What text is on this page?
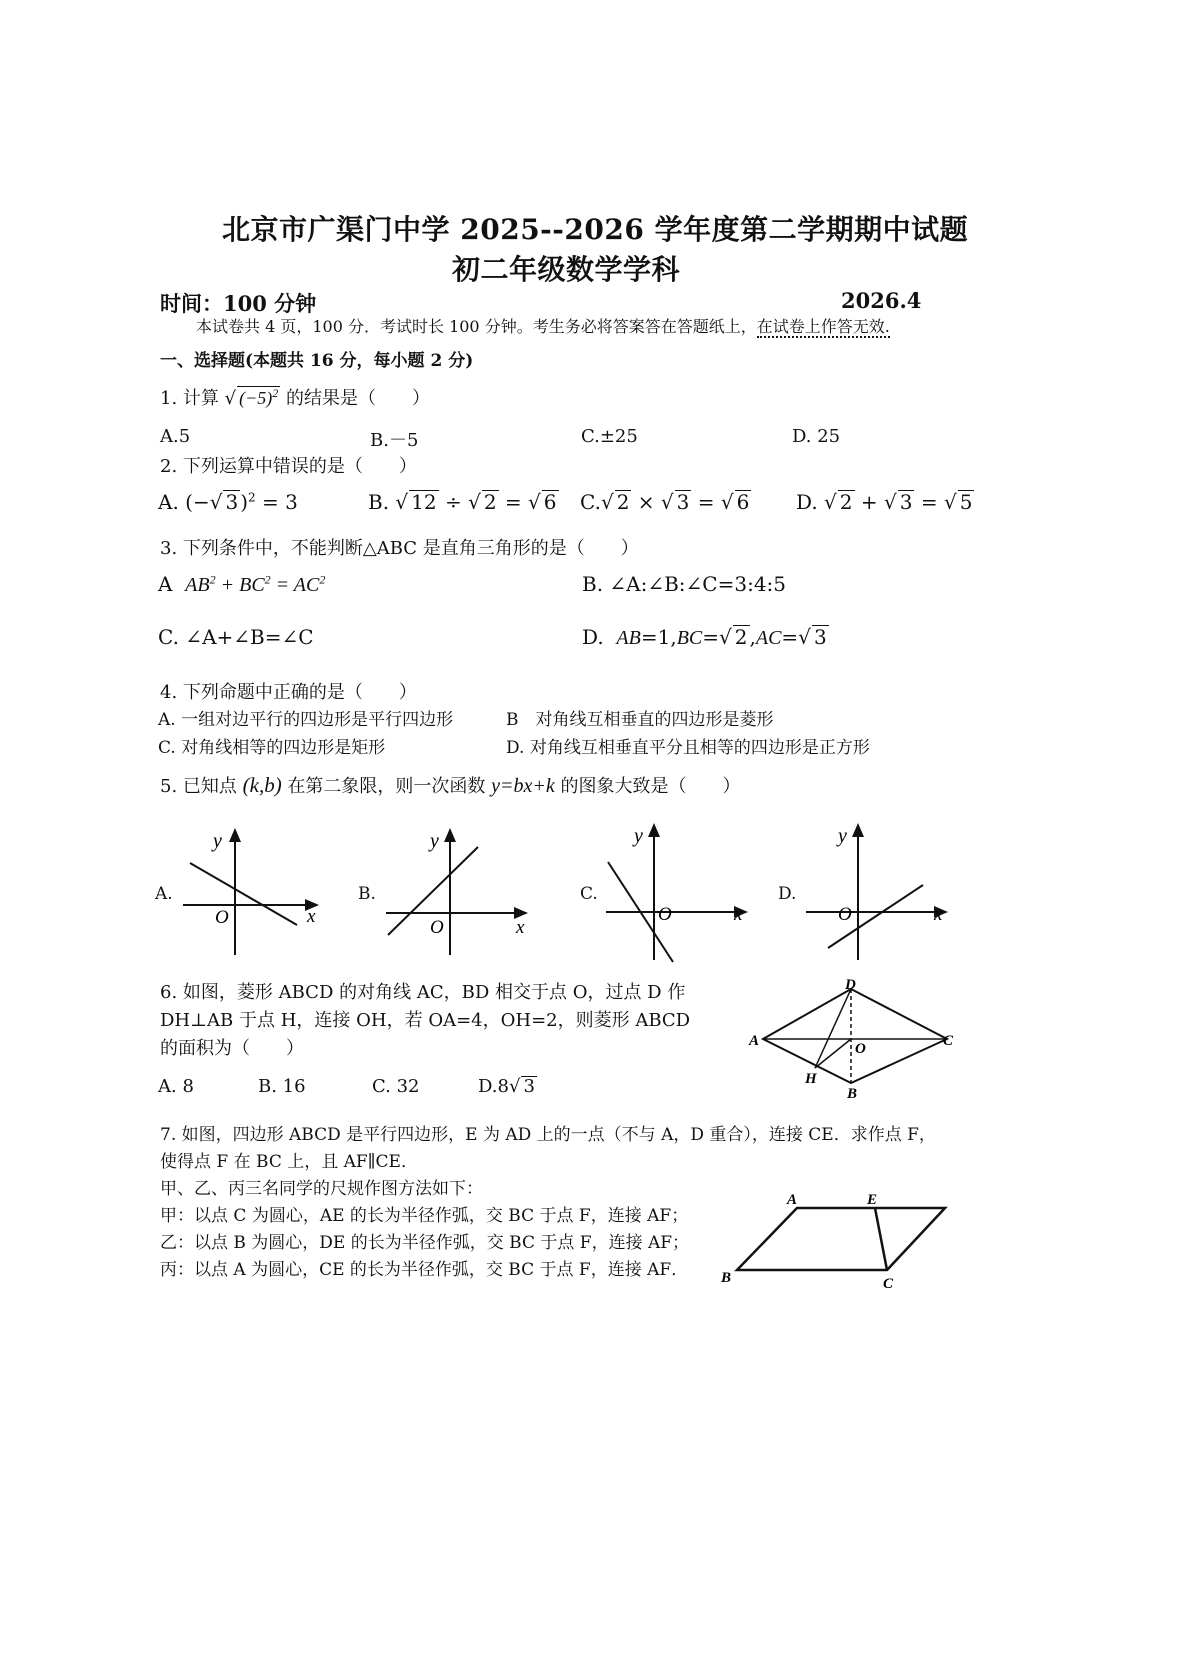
北京市广渠门中学 2025--2026 学年度第二学期期中试题
初二年级数学学科
时间：100 分钟	2026.4
本试卷共 4 页，100 分．考试时长 100 分钟。考生务必将答案答在答题纸上，在试卷上作答无效.
一、选择题(本题共 16 分，每小题 2 分)
1. 计算 √ $(-5)^2$ 的结果是（　　）
A.5	B.－5	C.±25	D. 25
2. 下列运算中错误的是（　　）
A. (−√ 3 )$^2$ = 3	B. √ 12 ÷ √ 2 = √ 6 C.√ 2 × √ 3 = √ 6 D. √ 2 + √ 3 = √ 5
3. 下列条件中，不能判断△ABC 是直角三角形的是（　　）
A  $AB^2 + BC^2 = AC^2$	B. ∠A:∠B:∠C=3:4:5
C. ∠A+∠B=∠C	D.  AB=1,BC=√ 2 ,AC=√ 3
4. 下列命题中正确的是（　　）
A. 一组对边平行的四边形是平行四边形	B　对角线互相垂直的四边形是菱形
C. 对角线相等的四边形是矩形	D. 对角线互相垂直平分且相等的四边形是正方形
5. 已知点 (k,b) 在第二象限，则一次函数 y=bx+k 的图象大致是（　　）
A.
y
O	x
B.
y
O	x
C.
y
O	x
D.
y
O	x
6. 如图，菱形 ABCD 的对角线 AC，BD 相交于点 O，过点 D 作
DH⊥AB 于点 H，连接 OH，若 OA=4，OH=2，则菱形 ABCD
的面积为（　　）
A. 8	B. 16	C. 32	D.8√ 3
D
A	C
B
O
H
7. 如图，四边形 ABCD 是平行四边形，E 为 AD 上的一点（不与 A，D 重合），连接 CE．求作点 F，
使得点 F 在 BC 上，且 AF∥CE．
甲、乙、丙三名同学的尺规作图方法如下：
甲：以点 C 为圆心，AE 的长为半径作弧，交 BC 于点 F，连接 AF；
乙：以点 B 为圆心，DE 的长为半径作弧，交 BC 于点 F，连接 AF；
丙：以点 A 为圆心，CE 的长为半径作弧，交 BC 于点 F，连接 AF．
A	E
B	C
